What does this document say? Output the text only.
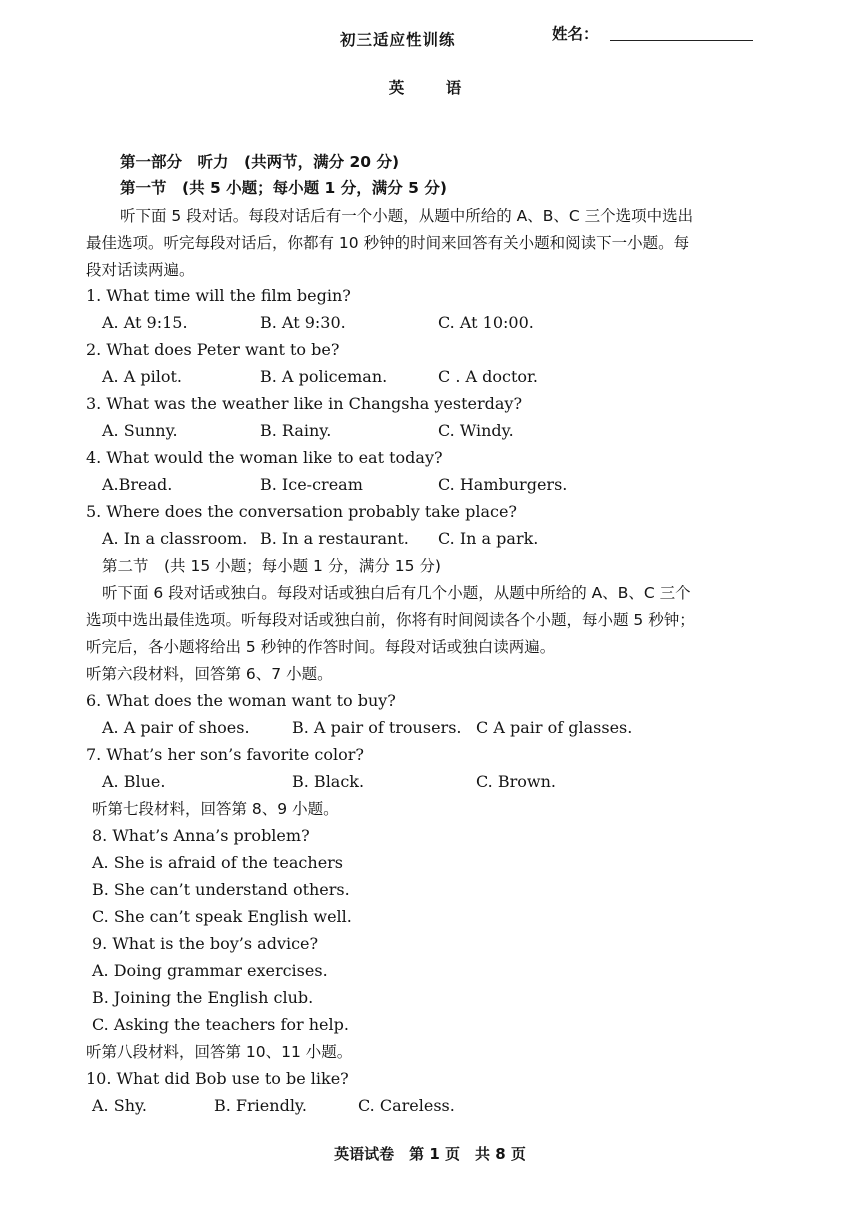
初三适应性训练	姓名：
英 语
第一部分　听力　(共两节，满分 20 分)
第一节　(共 5 小题；每小题 1 分，满分 5 分)
听下面 5 段对话。每段对话后有一个小题，从题中所给的 A、B、C 三个选项中选出
最佳选项。听完每段对话后，你都有 10 秒钟的时间来回答有关小题和阅读下一小题。每
段对话读两遍。
1. What time will the film begin?
A. At 9:15.	B. At 9:30.	C. At 10:00.
2. What does Peter want to be?
A. A pilot.	B. A policeman.	C . A doctor.
3. What was the weather like in Changsha yesterday?
A. Sunny.	B. Rainy.	C. Windy.
4. What would the woman like to eat today?
A.Bread.	B. Ice-cream	C. Hamburgers.
5. Where does the conversation probably take place?
A. In a classroom. B. In a restaurant. C. In a park.
第二节　(共 15 小题；每小题 1 分，满分 15 分)
听下面 6 段对话或独白。每段对话或独白后有几个小题，从题中所给的 A、B、C 三个
选项中选出最佳选项。听每段对话或独白前，你将有时间阅读各个小题，每小题 5 秒钟；
听完后，各小题将给出 5 秒钟的作答时间。每段对话或独白读两遍。
听第六段材料，回答第 6、7 小题。
6. What does the woman want to buy?
A. A pair of shoes.	B. A pair of trousers. C A pair of glasses.
7. What’s her son’s favorite color?
A. Blue.	B. Black.	C. Brown.
听第七段材料，回答第 8、9 小题。
8. What’s Anna’s problem?
A. She is afraid of the teachers
B. She can’t understand others.
C. She can’t speak English well.
9. What is the boy’s advice?
A. Doing grammar exercises.
B. Joining the English club.
C. Asking the teachers for help.
听第八段材料，回答第 10、11 小题。
10. What did Bob use to be like?
A. Shy.	B. Friendly.	C. Careless.
英语试卷　第 1 页　共 8 页
